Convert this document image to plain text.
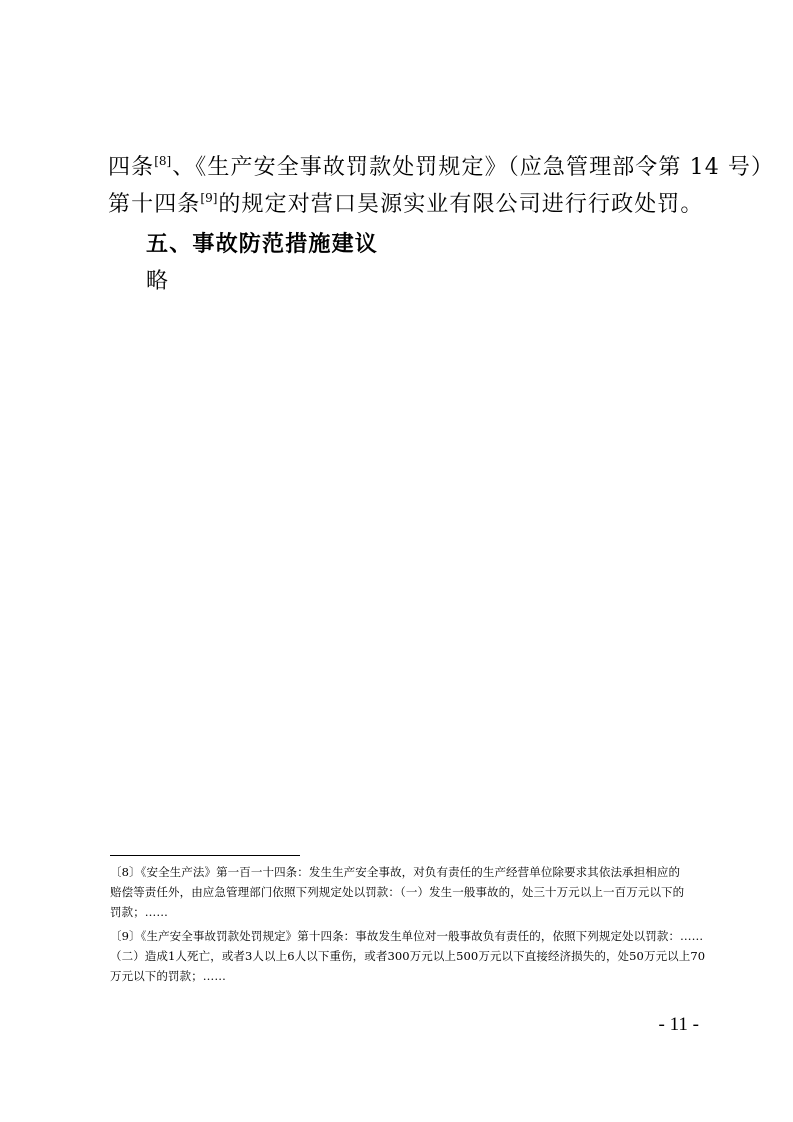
四条[8]、《生产安全事故罚款处罚规定》（应急管理部令第 14 号）
第十四条[9]的规定对营口昊源实业有限公司进行行政处罚。
五、事故防范措施建议
略
〔8〕《安全生产法》第一百一十四条：发生生产安全事故，对负有责任的生产经营单位除要求其依法承担相应的
赔偿等责任外，由应急管理部门依照下列规定处以罚款：（一）发生一般事故的，处三十万元以上一百万元以下的
罚款；……
〔9〕《生产安全事故罚款处罚规定》第十四条：事故发生单位对一般事故负有责任的，依照下列规定处以罚款：……
（二）造成1人死亡，或者3人以上6人以下重伤，或者300万元以上500万元以下直接经济损失的，处50万元以上70
万元以下的罚款；……
- 11 -
